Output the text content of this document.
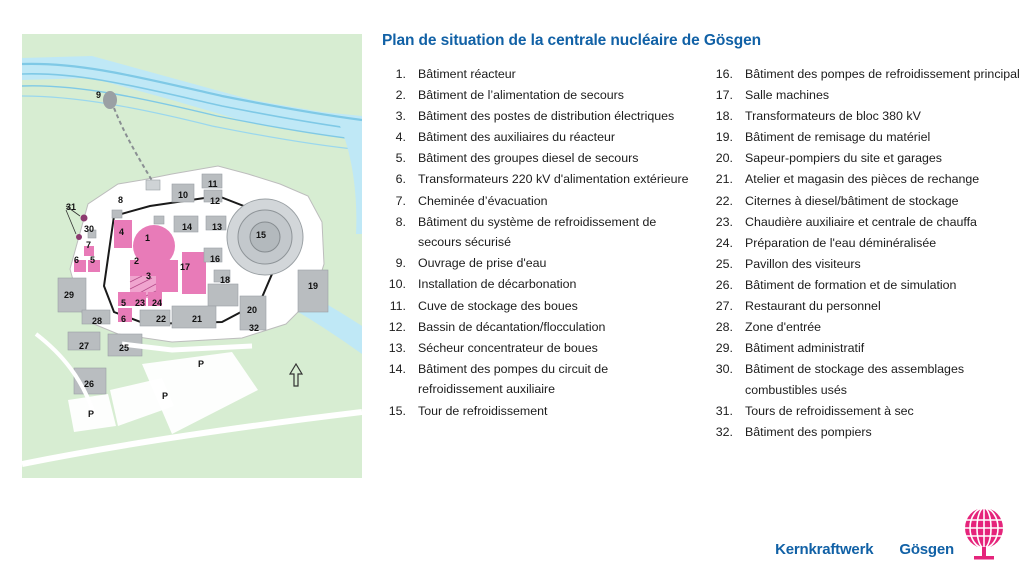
9
8	10
11
12
13
14
15
16
17
18
19
31
30	4
1
7
6 5	2
3
29
5 23 24
6	22	21
20
32
28
27	25
26
P
P
P
Plan de situation de la centrale nucléaire de Gösgen
1. Bâtiment réacteur
2. Bâtiment de l’alimentation de secours
3. Bâtiment des postes de distribution électriques
4. Bâtiment des auxiliaires du réacteur
5. Bâtiment des groupes diesel de secours
6. Transformateurs 220 kV d'alimentation extérieure
7. Cheminée d’évacuation
8. Bâtiment du système de refroidissement de secours sécurisé
9. Ouvrage de prise d'eau
10. Installation de décarbonation
11. Cuve de stockage des boues
12. Bassin de décantation/flocculation
13. Sécheur concentrateur de boues
14. Bâtiment des pompes du circuit de refroidissement auxiliaire
15. Tour de refroidissement
16. Bâtiment des pompes de refroidissement principal
17. Salle machines
18. Transformateurs de bloc 380 kV
19. Bâtiment de remisage du matériel
20. Sapeur-pompiers du site et garages
21. Atelier et magasin des pièces de rechange
22. Citernes à diesel/bâtiment de stockage
23. Chaudière auxiliaire et centrale de chauffa
24. Préparation de l'eau déminéralisée
25. Pavillon des visiteurs
26. Bâtiment de formation et de simulation
27. Restaurant du personnel
28. Zone d'entrée
29. Bâtiment administratif
30. Bâtiment de stockage des assemblages combustibles usés
31. Tours de refroidissement à sec
32. Bâtiment des pompiers
Kernkraftwerk Gösgen
